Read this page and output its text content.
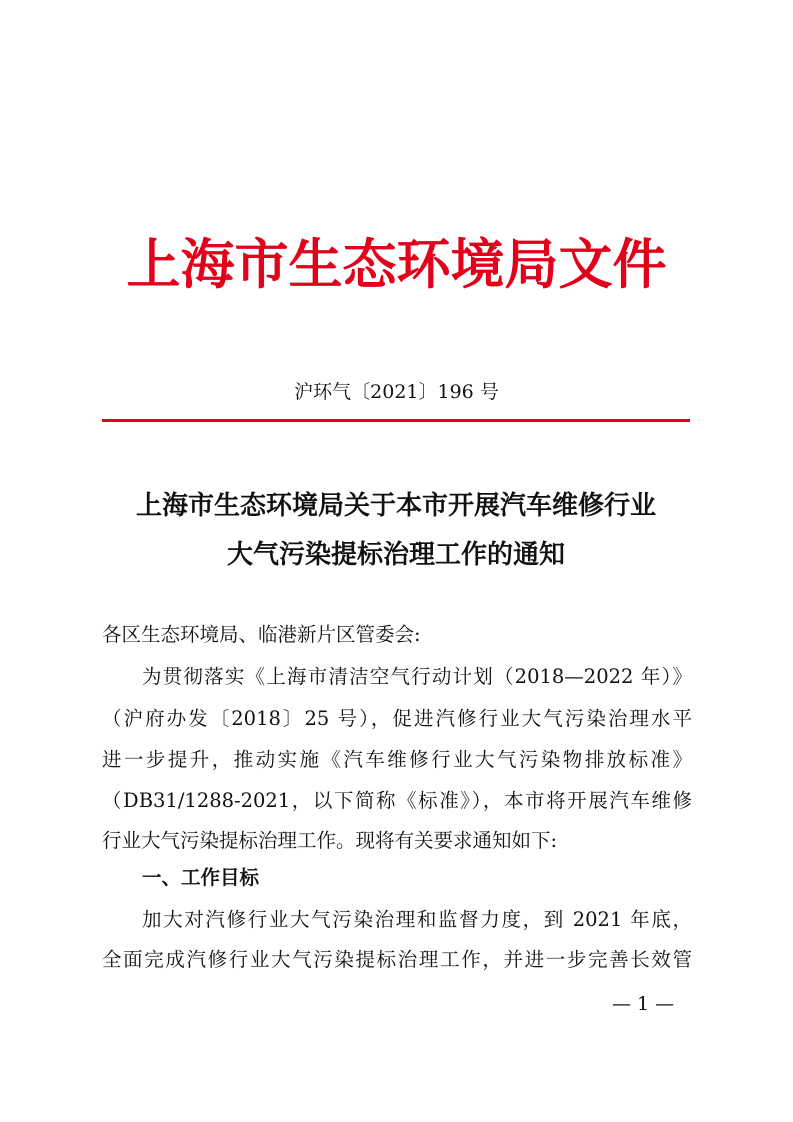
上海市生态环境局文件
沪环气〔2021〕196 号
上海市生态环境局关于本市开展汽车维修行业
大气污染提标治理工作的通知
各区生态环境局、临港新片区管委会:
为贯彻落实《上海市清洁空气行动计划（2018—2022 年）》
（沪府办发〔2018〕25 号），促进汽修行业大气污染治理水平
进一步提升，推动实施《汽车维修行业大气污染物排放标准》
（DB31/1288-2021，以下简称《标准》），本市将开展汽车维修
行业大气污染提标治理工作。现将有关要求通知如下:
一、工作目标
加大对汽修行业大气污染治理和监督力度，到 2021 年底，
全面完成汽修行业大气污染提标治理工作，并进一步完善长效管
— 1 —
